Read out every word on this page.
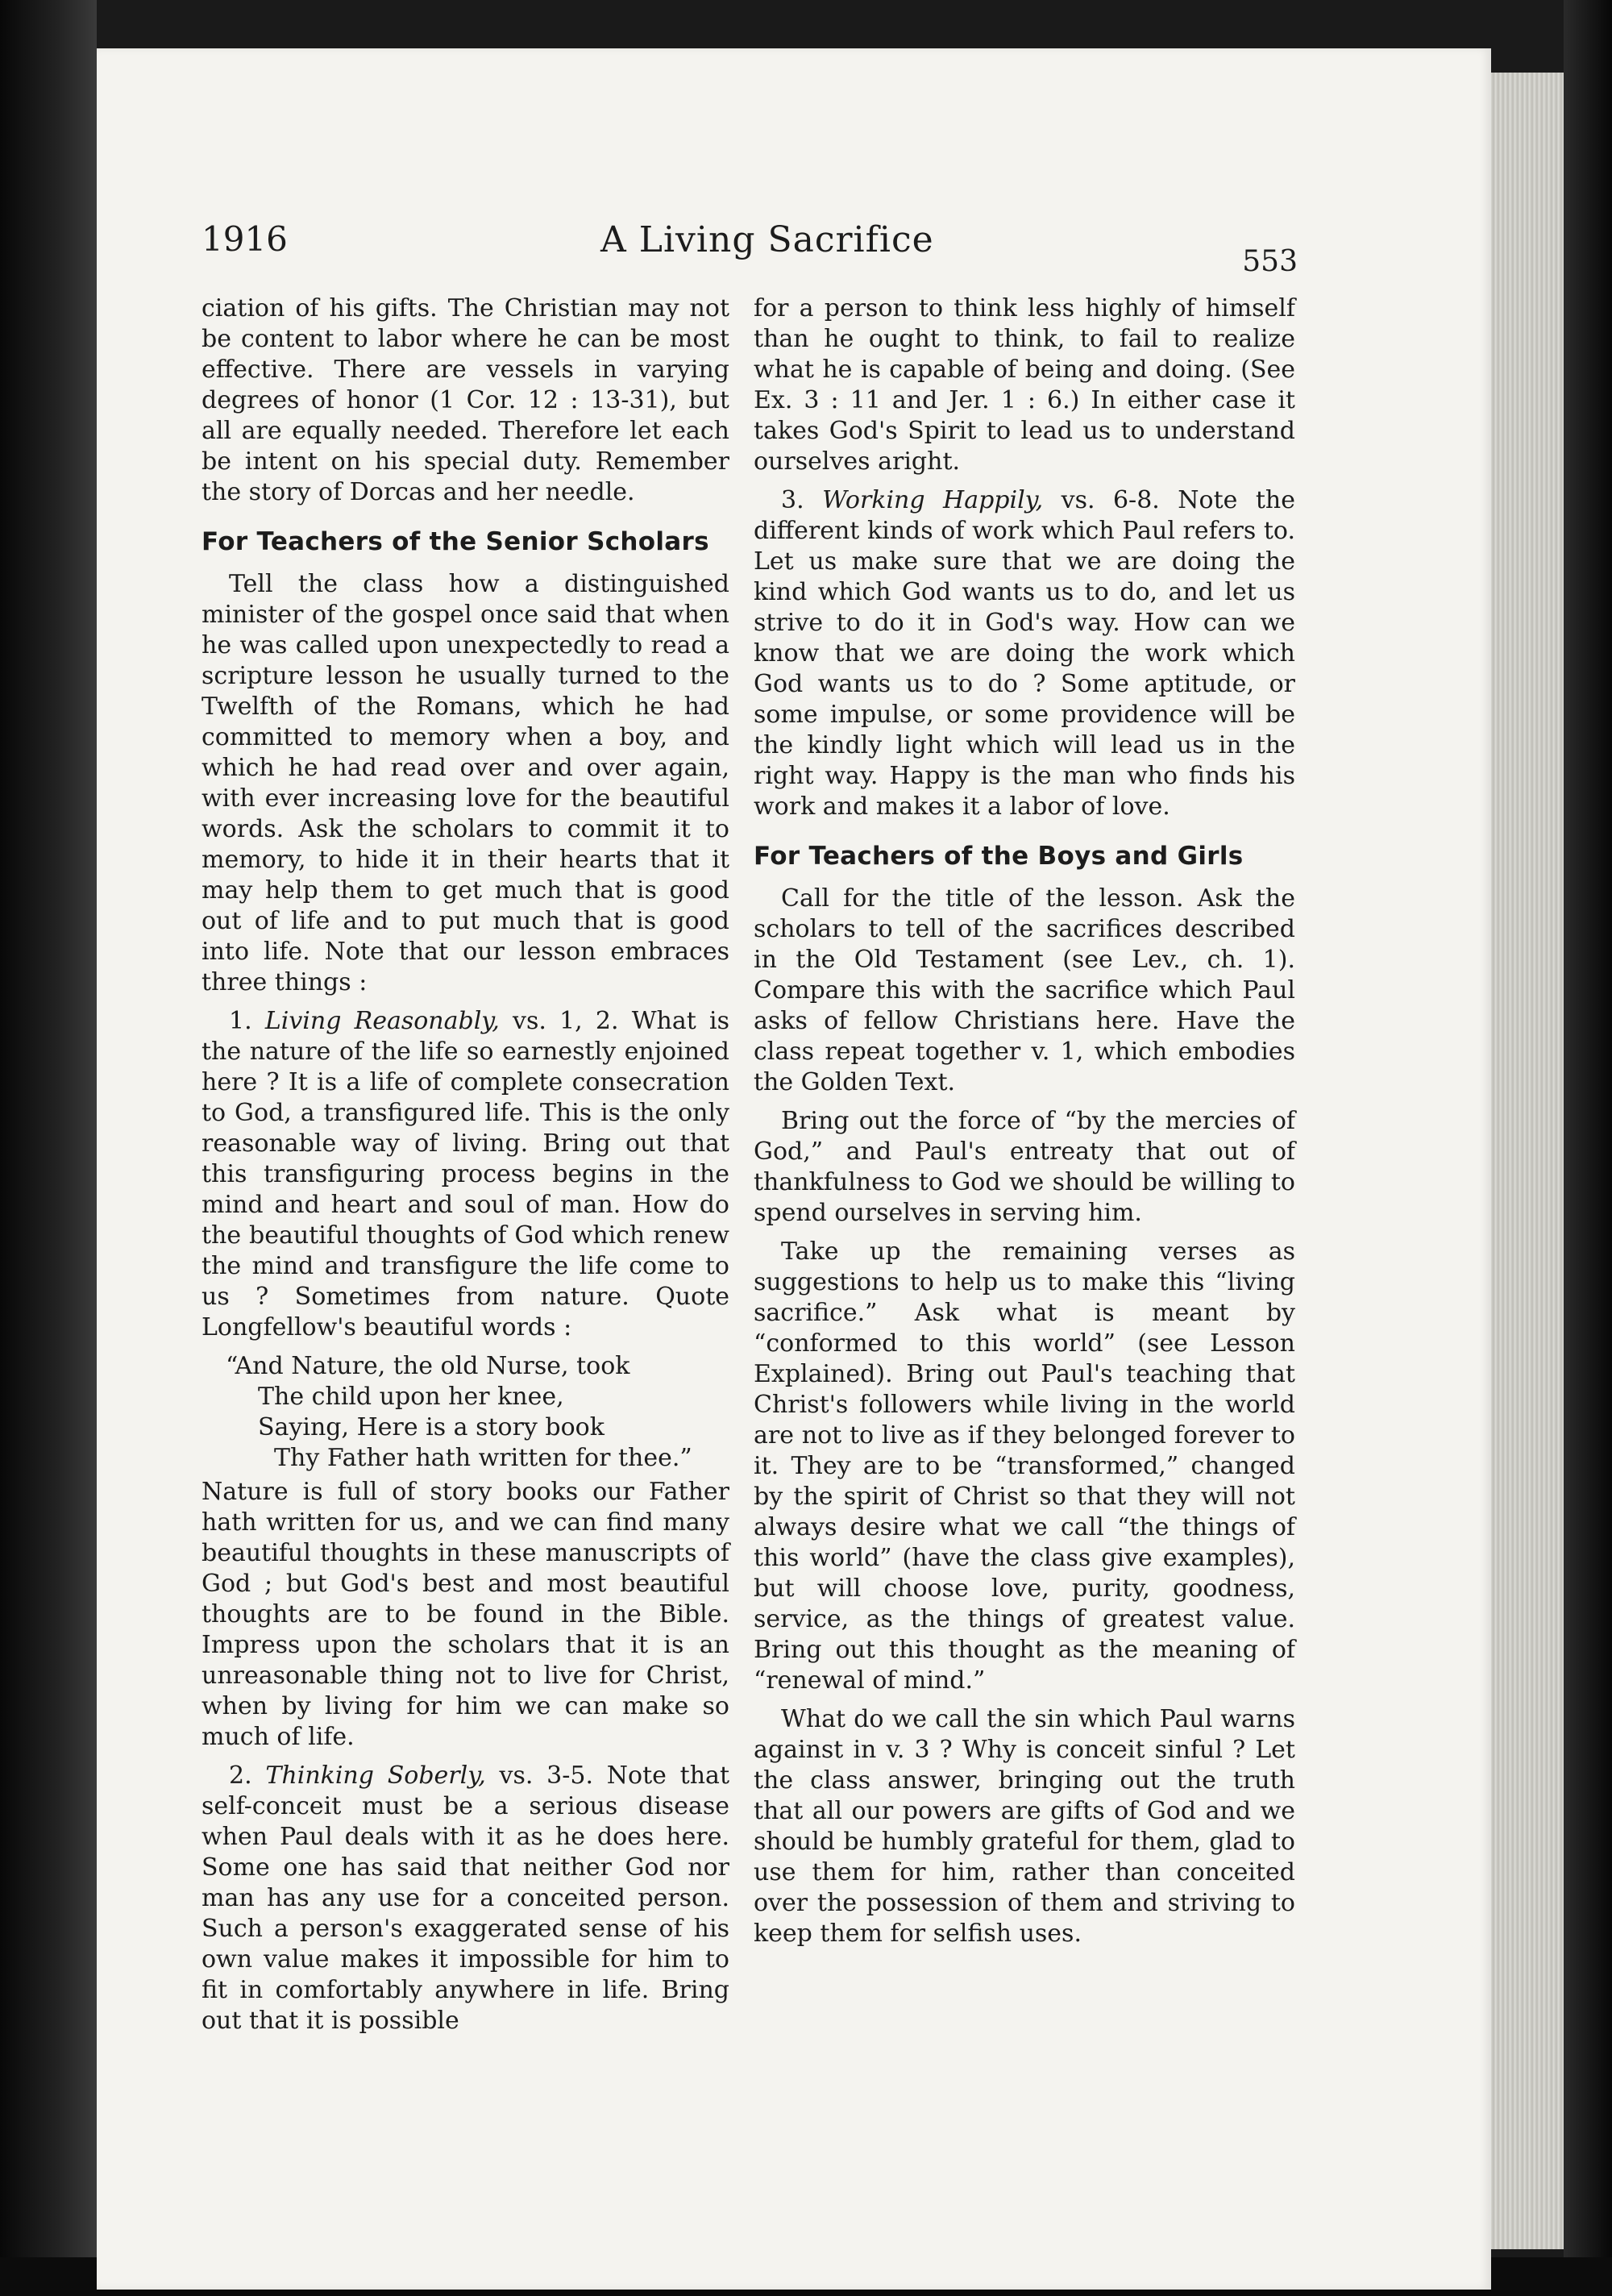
1916	A Living Sacrifice
553

ciation of his gifts. The Christian may not be content to labor where he can be most effective. There are vessels in varying degrees of honor (1 Cor. 12 : 13-31), but all are equally needed. Therefore let each be intent on his special duty. Remember the story of Dorcas and her needle.

For Teachers of the Senior Scholars

Tell the class how a distinguished minister of the gospel once said that when he was called upon unexpectedly to read a scripture lesson he usually turned to the Twelfth of the Romans, which he had committed to memory when a boy, and which he had read over and over again, with ever increasing love for the beautiful words. Ask the scholars to commit it to memory, to hide it in their hearts that it may help them to get much that is good out of life and to put much that is good into life. Note that our lesson embraces three things :

1. Living Reasonably, vs. 1, 2. What is the nature of the life so earnestly enjoined here ? It is a life of complete consecration to God, a transfigured life. This is the only reasonable way of living. Bring out that this transfiguring process begins in the mind and heart and soul of man. How do the beautiful thoughts of God which renew the mind and transfigure the life come to us ? Sometimes from nature. Quote Longfellow's beautiful words :

“And Nature, the old Nurse, took
The child upon her knee,
Saying, Here is a story book
Thy Father hath written for thee.”

Nature is full of story books our Father hath written for us, and we can find many beautiful thoughts in these manuscripts of God ; but God's best and most beautiful thoughts are to be found in the Bible. Impress upon the scholars that it is an unreasonable thing not to live for Christ, when by living for him we can make so much of life.

2. Thinking Soberly, vs. 3-5. Note that self-conceit must be a serious disease when Paul deals with it as he does here. Some one has said that neither God nor man has any use for a conceited person. Such a person's exaggerated sense of his own value makes it impossible for him to fit in comfortably anywhere in life. Bring out that it is possible

for a person to think less highly of himself than he ought to think, to fail to realize what he is capable of being and doing. (See Ex. 3 : 11 and Jer. 1 : 6.) In either case it takes God's Spirit to lead us to understand ourselves aright.

3. Working Happily, vs. 6-8. Note the different kinds of work which Paul refers to. Let us make sure that we are doing the kind which God wants us to do, and let us strive to do it in God's way. How can we know that we are doing the work which God wants us to do ? Some aptitude, or some impulse, or some providence will be the kindly light which will lead us in the right way. Happy is the man who finds his work and makes it a labor of love.

For Teachers of the Boys and Girls

Call for the title of the lesson. Ask the scholars to tell of the sacrifices described in the Old Testament (see Lev., ch. 1). Compare this with the sacrifice which Paul asks of fellow Christians here. Have the class repeat together v. 1, which embodies the Golden Text.

Bring out the force of “by the mercies of God,” and Paul's entreaty that out of thankfulness to God we should be willing to spend ourselves in serving him.

Take up the remaining verses as suggestions to help us to make this “living sacrifice.” Ask what is meant by “conformed to this world” (see Lesson Explained). Bring out Paul's teaching that Christ's followers while living in the world are not to live as if they belonged forever to it. They are to be “transformed,” changed by the spirit of Christ so that they will not always desire what we call “the things of this world” (have the class give examples), but will choose love, purity, goodness, service, as the things of greatest value. Bring out this thought as the meaning of “renewal of mind.”

What do we call the sin which Paul warns against in v. 3 ? Why is conceit sinful ? Let the class answer, bringing out the truth that all our powers are gifts of God and we should be humbly grateful for them, glad to use them for him, rather than conceited over the possession of them and striving to keep them for selfish uses.
